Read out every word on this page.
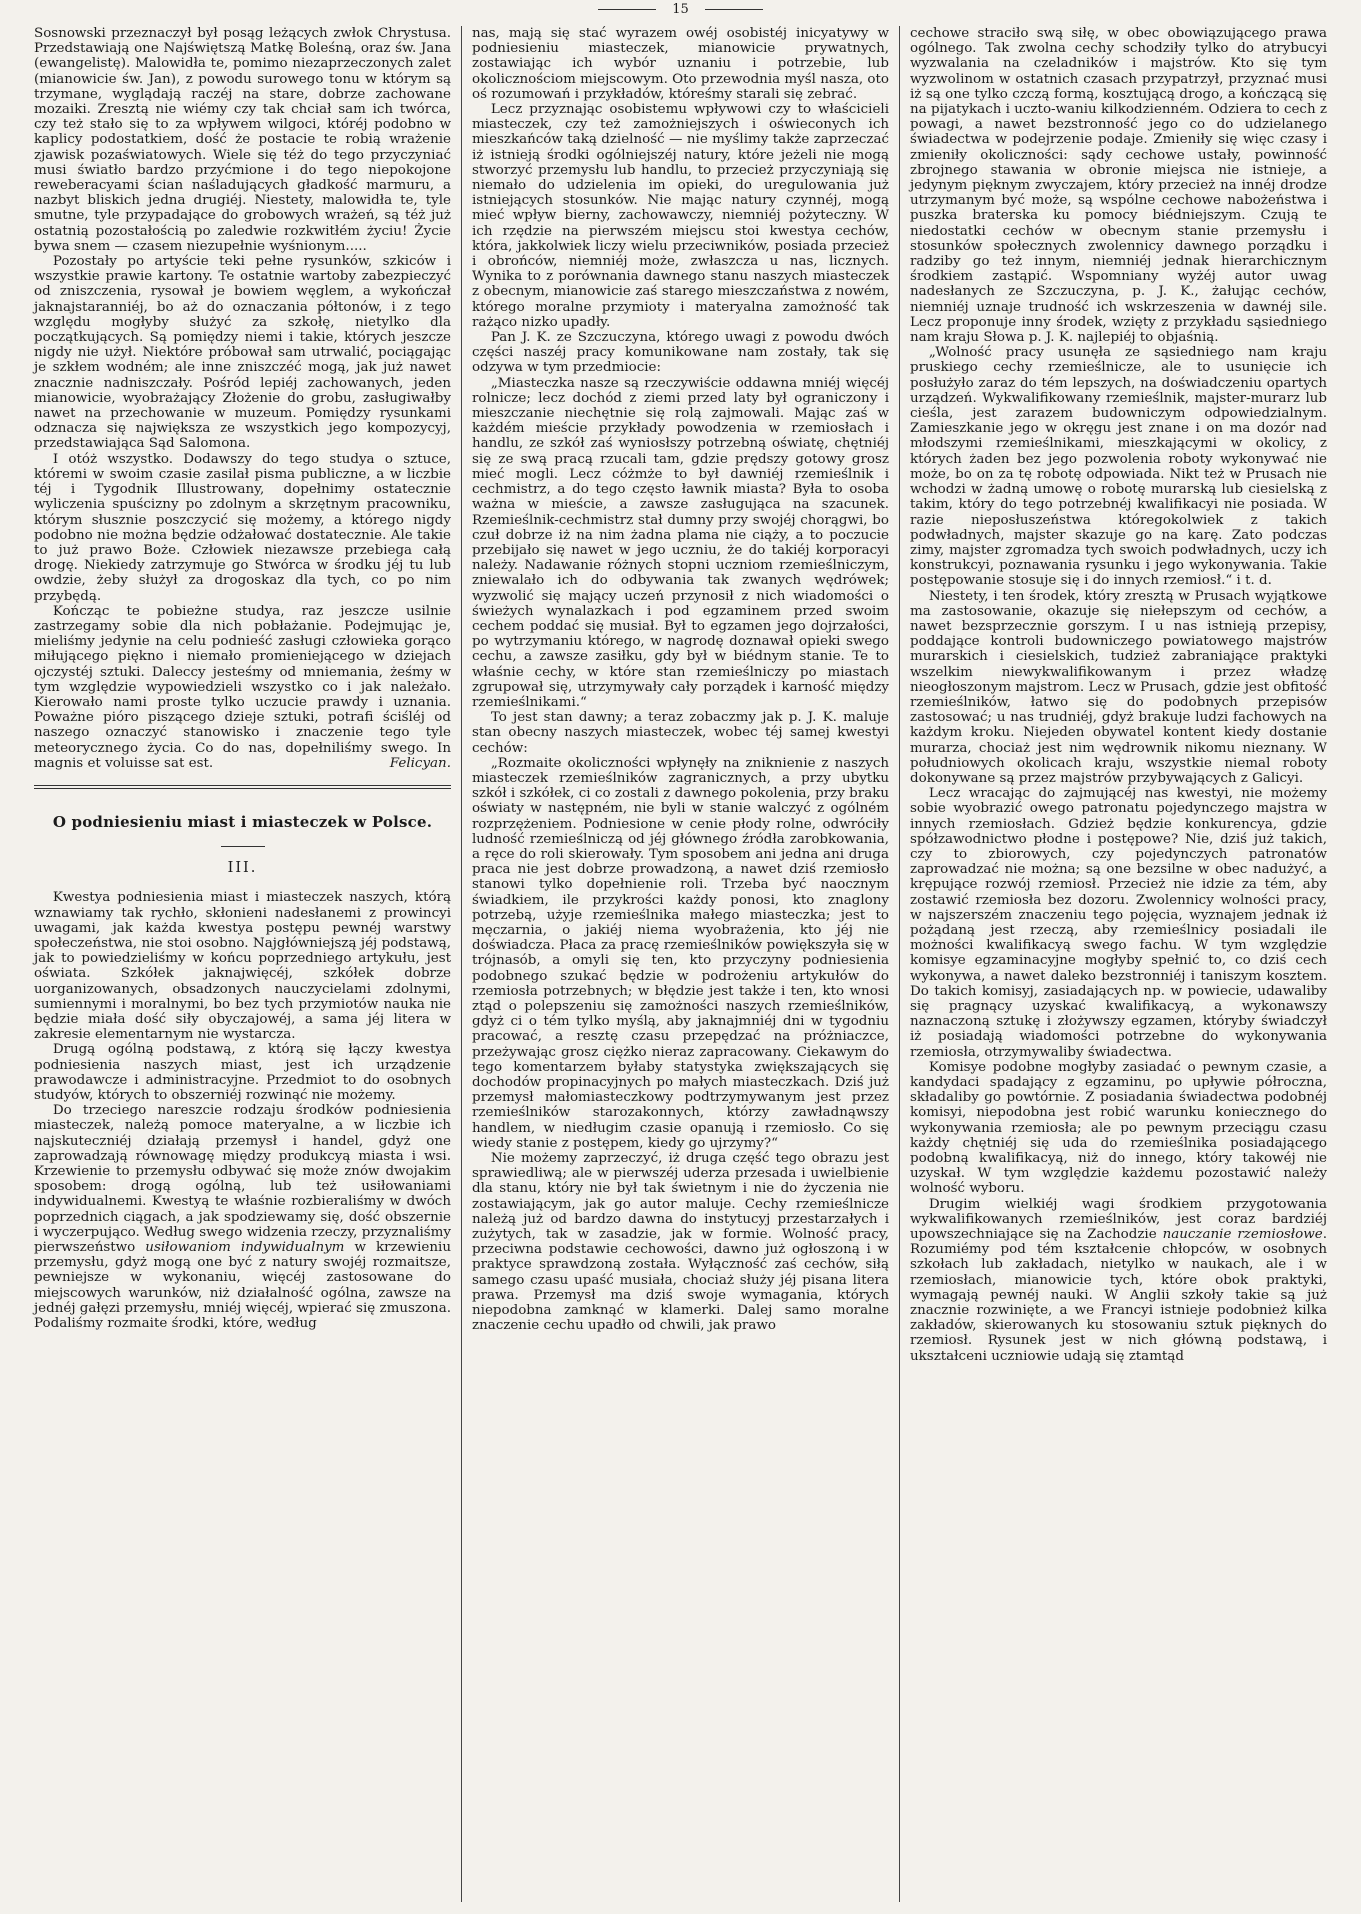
15

Sosnowski przeznaczył był posąg leżących zwłok Chrystusa. Przedstawiają one Najświętszą Matkę Boleśną, oraz św. Jana (ewangelistę). Malowidła te, pomimo niezaprzeczonych zalet (mianowicie św. Jan), z powodu surowego tonu w którym są trzymane, wyglądają raczéj na stare, dobrze zachowane mozaiki. Zresztą nie wiémy czy tak chciał sam ich twórca, czy też stało się to za wpływem wilgoci, któréj podobno w kaplicy podostatkiem, dość że postacie te robią wrażenie zjawisk pozaświatowych. Wiele się téż do tego przyczyniać musi światło bardzo przyćmione i do tego niepokojone reweberacyami ścian naśladujących gładkość marmuru, a nazbyt bliskich jedna drugiéj. Niestety, malowidła te, tyle smutne, tyle przypadające do grobowych wrażeń, są téż już ostatnią pozostałością po zaledwie rozkwitłém życiu! Życie bywa snem — czasem niezupełnie wyśnionym.....

Pozostały po artyście teki pełne rysunków, szkiców i wszystkie prawie kartony. Te ostatnie wartoby zabezpieczyć od zniszczenia, rysował je bowiem węglem, a wykończał jaknajstaranniéj, bo aż do oznaczania półtonów, i z tego względu mogłyby służyć za szkołę, nietylko dla początkujących. Są pomiędzy niemi i takie, których jeszcze nigdy nie użył. Niektóre próbował sam utrwalić, pociągając je szkłem wodném; ale inne zniszczéć mogą, jak już nawet znacznie nadniszczały. Pośród lepiéj zachowanych, jeden mianowicie, wyobrażający Złożenie do grobu, zasługiwałby nawet na przechowanie w muzeum. Pomiędzy rysunkami odznacza się największa ze wszystkich jego kompozycyj, przedstawiająca Sąd Salomona.

I otóż wszystko. Dodawszy do tego studya o sztuce, któremi w swoim czasie zasilał pisma publiczne, a w liczbie téj i Tygodnik Illustrowany, dopełnimy ostatecznie wyliczenia spuścizny po zdolnym a skrzętnym pracowniku, którym słusznie poszczycić się możemy, a którego nigdy podobno nie można będzie odżałować dostatecznie. Ale takie to już prawo Boże. Człowiek niezawsze przebiega całą drogę. Niekiedy zatrzymuje go Stwórca w środku jéj tu lub owdzie, żeby służył za drogoskaz dla tych, co po nim przybędą.

Kończąc te pobieżne studya, raz jeszcze usilnie zastrzegamy sobie dla nich pobłażanie. Podejmując je, mieliśmy jedynie na celu podnieść zasługi człowieka gorąco miłującego piękno i niemało promieniejącego w dziejach ojczystéj sztuki. Daleccy jesteśmy od mniemania, żeśmy w tym względzie wypowiedzieli wszystko co i jak należało. Kierowało nami proste tylko uczucie prawdy i uznania. Poważne pióro piszącego dzieje sztuki, potrafi ściśléj od naszego oznaczyć stanowisko i znaczenie tego tyle meteorycznego życia. Co do nas, dopełniliśmy swego. In magnis et voluisse sat est.	Felicyan.

O podniesieniu miast i miasteczek w Polsce.
III.

Kwestya podniesienia miast i miasteczek naszych, którą wznawiamy tak rychło, skłonieni nadesłanemi z prowincyi uwagami, jak każda kwestya postępu pewnéj warstwy społeczeństwa, nie stoi osobno. Najgłówniejszą jéj podstawą, jak to powiedzieliśmy w końcu poprzedniego artykułu, jest oświata. Szkółek jaknajwięcéj, szkółek dobrze uorganizowanych, obsadzonych nauczycielami zdolnymi, sumiennymi i moralnymi, bo bez tych przymiotów nauka nie będzie miała dość siły obyczajowéj, a sama jéj litera w zakresie elementarnym nie wystarcza.

Drugą ogólną podstawą, z którą się łączy kwestya podniesienia naszych miast, jest ich urządzenie prawodawcze i administracyjne. Przedmiot to do osobnych studyów, których to obszerniéj rozwinąć nie możemy.

Do trzeciego nareszcie rodzaju środków podniesienia miasteczek, należą pomoce materyalne, a w liczbie ich najskuteczniéj działają przemysł i handel, gdyż one zaprowadzają równowagę między produkcyą miasta i wsi. Krzewienie to przemysłu odbywać się może znów dwojakim sposobem: drogą ogólną, lub też usiłowaniami indywidualnemi. Kwestyą te właśnie rozbieraliśmy w dwóch poprzednich ciągach, a jak spodziewamy się, dość obszernie i wyczerpująco. Według swego widzenia rzeczy, przyznaliśmy pierwszeństwo usiłowaniom indywidualnym w krzewieniu przemysłu, gdyż mogą one być z natury swojéj rozmaitsze, pewniejsze w wykonaniu, więcéj zastosowane do miejscowych warunków, niż działalność ogólna, zawsze na jednéj gałęzi przemysłu, mniéj więcéj, wpierać się zmuszona. Podaliśmy rozmaite środki, które, według

nas, mają się stać wyrazem owéj osobistéj inicyatywy w podniesieniu miasteczek, mianowicie prywatnych, zostawiając ich wybór uznaniu i potrzebie, lub okolicznościom miejscowym. Oto przewodnia myśl nasza, oto oś rozumowań i przykładów, któreśmy starali się zebrać.

Lecz przyznając osobistemu wpływowi czy to właścicieli miasteczek, czy też zamożniejszych i oświeconych ich mieszkańców taką dzielność — nie myślimy także zaprzeczać iż istnieją środki ogólniejszéj natury, które jeżeli nie mogą stworzyć przemysłu lub handlu, to przecież przyczyniają się niemało do udzielenia im opieki, do uregulowania już istniejących stosunków. Nie mając natury czynnéj, mogą mieć wpływ bierny, zachowawczy, niemniéj pożyteczny. W ich rzędzie na pierwszém miejscu stoi kwestya cechów, która, jakkolwiek liczy wielu przeciwników, posiada przecież i obrońców, niemniéj może, zwłaszcza u nas, licznych. Wynika to z porównania dawnego stanu naszych miasteczek z obecnym, mianowicie zaś starego mieszczaństwa z nowém, którego moralne przymioty i materyalna zamożność tak rażąco nizko upadły.

Pan J. K. ze Szczuczyna, którego uwagi z powodu dwóch części naszéj pracy komunikowane nam zostały, tak się odzywa w tym przedmiocie:

„Miasteczka nasze są rzeczywiście oddawna mniéj więcéj rolnicze; lecz dochód z ziemi przed laty był ograniczony i mieszczanie niechętnie się rolą zajmowali. Mając zaś w każdém mieście przykłady powodzenia w rzemiosłach i handlu, ze szkół zaś wyniosłszy potrzebną oświatę, chętniéj się ze swą pracą rzucali tam, gdzie prędszy gotowy grosz mieć mogli. Lecz cóżmże to był dawniéj rzemieślnik i cechmistrz, a do tego często ławnik miasta? Była to osoba ważna w mieście, a zawsze zasługująca na szacunek. Rzemieślnik-cechmistrz stał dumny przy swojéj chorągwi, bo czuł dobrze iż na nim żadna plama nie ciąży, a to poczucie przebijało się nawet w jego uczniu, że do takiéj korporacyi należy. Nadawanie różnych stopni uczniom rzemieślniczym, zniewalało ich do odbywania tak zwanych wędrówek; wyzwolić się mający uczeń przynosił z nich wiadomości o świeżych wynalazkach i pod egzaminem przed swoim cechem poddać się musiał. Był to egzamen jego dojrzałości, po wytrzymaniu którego, w nagrodę doznawał opieki swego cechu, a zawsze zasiłku, gdy był w biédnym stanie. Te to właśnie cechy, w które stan rzemieślniczy po miastach zgrupował się, utrzymywały cały porządek i karność między rzemieślnikami.“

To jest stan dawny; a teraz zobaczmy jak p. J. K. maluje stan obecny naszych miasteczek, wobec téj samej kwestyi cechów:

„Rozmaite okoliczności wpłynęły na zniknienie z naszych miasteczek rzemieślników zagranicznych, a przy ubytku szkół i szkółek, ci co zostali z dawnego pokolenia, przy braku oświaty w następném, nie byli w stanie walczyć z ogólném rozprzężeniem. Podniesione w cenie płody rolne, odwróciły ludność rzemieślniczą od jéj głównego źródła zarobkowania, a ręce do roli skierowały. Tym sposobem ani jedna ani druga praca nie jest dobrze prowadzoną, a nawet dziś rzemiosło stanowi tylko dopełnienie roli. Trzeba być naocznym świadkiem, ile przykrości każdy ponosi, kto znaglony potrzebą, użyje rzemieślnika małego miasteczka; jest to męczarnia, o jakiéj niema wyobrażenia, kto jéj nie doświadcza. Płaca za pracę rzemieślników powiększyła się w trójnasób, a omyli się ten, kto przyczyny podniesienia podobnego szukać będzie w podrożeniu artykułów do rzemiosła potrzebnych; w błędzie jest także i ten, kto wnosi ztąd o polepszeniu się zamożności naszych rzemieślników, gdyż ci o tém tylko myślą, aby jaknajmniéj dni w tygodniu pracować, a resztę czasu przepędzać na próżniaczce, przeżywając grosz ciężko nieraz zapracowany. Ciekawym do tego komentarzem byłaby statystyka zwiększających się dochodów propinacyjnych po małych miasteczkach. Dziś już przemysł małomiasteczkowy podtrzymywanym jest przez rzemieślników starozakonnych, którzy zawładnąwszy handlem, w niedługim czasie opanują i rzemiosło. Co się wiedy stanie z postępem, kiedy go ujrzymy?“

Nie możemy zaprzeczyć, iż druga część tego obrazu jest sprawiedliwą; ale w pierwszéj uderza przesada i uwielbienie dla stanu, który nie był tak świetnym i nie do życzenia nie zostawiającym, jak go autor maluje. Cechy rzemieślnicze należą już od bardzo dawna do instytucyj przestarzałych i zużytych, tak w zasadzie, jak w formie. Wolność pracy, przeciwna podstawie cechowości, dawno już ogłoszoną i w praktyce sprawdzoną została. Wyłączność zaś cechów, siłą samego czasu upaść musiała, chociaż służy jéj pisana litera prawa. Przemysł ma dziś swoje wymagania, których niepodobna zamknąć w klamerki. Dalej samo moralne znaczenie cechu upadło od chwili, jak prawo

cechowe straciło swą siłę, w obec obowiązującego prawa ogólnego. Tak zwolna cechy schodziły tylko do atrybucyi wyzwalania na czeladników i majstrów. Kto się tym wyzwolinom w ostatnich czasach przypatrzył, przyznać musi iż są one tylko czczą formą, kosztującą drogo, a kończącą się na pijatykach i uczto-waniu kilkodzienném. Odziera to cech z powagi, a nawet bezstronność jego co do udzielanego świadectwa w podejrzenie podaje. Zmieniły się więc czasy i zmieniły okoliczności: sądy cechowe ustały, powinność zbrojnego stawania w obronie miejsca nie istnieje, a jedynym pięknym zwyczajem, który przecież na innéj drodze utrzymanym być może, są wspólne cechowe nabożeństwa i puszka braterska ku pomocy biédniejszym. Czują te niedostatki cechów w obecnym stanie przemysłu i stosunków społecznych zwolennicy dawnego porządku i radziby go też innym, niemniéj jednak hierarchicznym środkiem zastąpić. Wspomniany wyżéj autor uwag nadesłanych ze Szczuczyna, p. J. K., żałując cechów, niemniéj uznaje trudność ich wskrzeszenia w dawnéj sile. Lecz proponuje inny środek, wzięty z przykładu sąsiedniego nam kraju Słowa p. J. K. najlepiéj to objaśnią.

„Wolność pracy usunęła ze sąsiedniego nam kraju pruskiego cechy rzemieślnicze, ale to usunięcie ich posłużyło zaraz do tém lepszych, na doświadczeniu opartych urządzeń. Wykwalifikowany rzemieślnik, majster-murarz lub cieśla, jest zarazem budowniczym odpowiedzialnym. Zamieszkanie jego w okręgu jest znane i on ma dozór nad młodszymi rzemieślnikami, mieszkającymi w okolicy, z których żaden bez jego pozwolenia roboty wykonywać nie może, bo on za tę robotę odpowiada. Nikt też w Prusach nie wchodzi w żadną umowę o robotę murarską lub ciesielską z takim, który do tego potrzebnéj kwalifikacyi nie posiada. W razie nieposłuszeństwa któregokolwiek z takich podwładnych, majster skazuje go na karę. Zato podczas zimy, majster zgromadza tych swoich podwładnych, uczy ich konstrukcyi, poznawania rysunku i jego wykonywania. Takie postępowanie stosuje się i do innych rzemiosł.“ i t. d.

Niestety, i ten środek, który zresztą w Prusach wyjątkowe ma zastosowanie, okazuje się niełepszym od cechów, a nawet bezsprzecznie gorszym. I u nas istnieją przepisy, poddające kontroli budowniczego powiatowego majstrów murarskich i ciesielskich, tudzież zabraniające praktyki wszelkim niewykwalifikowanym i przez władzę nieogłoszonym majstrom. Lecz w Prusach, gdzie jest obfitość rzemieślników, łatwo się do podobnych przepisów zastosować; u nas trudniéj, gdyż brakuje ludzi fachowych na każdym kroku. Niejeden obywatel kontent kiedy dostanie murarza, chociaż jest nim wędrownik nikomu nieznany. W południowych okolicach kraju, wszystkie niemal roboty dokonywane są przez majstrów przybywających z Galicyi.

Lecz wracając do zajmującéj nas kwestyi, nie możemy sobie wyobrazić owego patronatu pojedynczego majstra w innych rzemiosłach. Gdzież będzie konkurencya, gdzie spółzawodnictwo płodne i postępowe? Nie, dziś już takich, czy to zbiorowych, czy pojedynczych patronatów zaprowadzać nie można; są one bezsilne w obec nadużyć, a krępujące rozwój rzemiosł. Przecież nie idzie za tém, aby zostawić rzemiosła bez dozoru. Zwolennicy wolności pracy, w najszerszém znaczeniu tego pojęcia, wyznajem jednak iż pożądaną jest rzeczą, aby rzemieślnicy posiadali ile możności kwalifikacyą swego fachu. W tym względzie komisye egzaminacyjne mogłyby spełnić to, co dziś cech wykonywa, a nawet daleko bezstronniéj i taniszym kosztem. Do takich komisyj, zasiadających np. w powiecie, udawaliby się pragnący uzyskać kwalifikacyą, a wykonawszy naznaczoną sztukę i złożywszy egzamen, któryby świadczył iż posiadają wiadomości potrzebne do wykonywania rzemiosła, otrzymywaliby świadectwa.

Komisye podobne mogłyby zasiadać o pewnym czasie, a kandydaci spadający z egzaminu, po upływie półroczna, składaliby go powtórnie. Z posiadania świadectwa podobnéj komisyi, niepodobna jest robić warunku koniecznego do wykonywania rzemiosła; ale po pewnym przeciągu czasu każdy chętniéj się uda do rzemieślnika posiadającego podobną kwalifikacyą, niż do innego, który takowéj nie uzyskał. W tym względzie każdemu pozostawić należy wolność wyboru.

Drugim wielkiéj wagi środkiem przygotowania wykwalifikowanych rzemieślników, jest coraz bardziéj upowszechniające się na Zachodzie nauczanie rzemiosłowe. Rozumiémy pod tém kształcenie chłopców, w osobnych szkołach lub zakładach, nietylko w naukach, ale i w rzemiosłach, mianowicie tych, które obok praktyki, wymagają pewnéj nauki. W Anglii szkoły takie są już znacznie rozwinięte, a we Francyi istnieje podobnież kilka zakładów, skierowanych ku stosowaniu sztuk pięknych do rzemiosł. Rysunek jest w nich główną podstawą, i ukształceni uczniowie udają się ztamtąd
